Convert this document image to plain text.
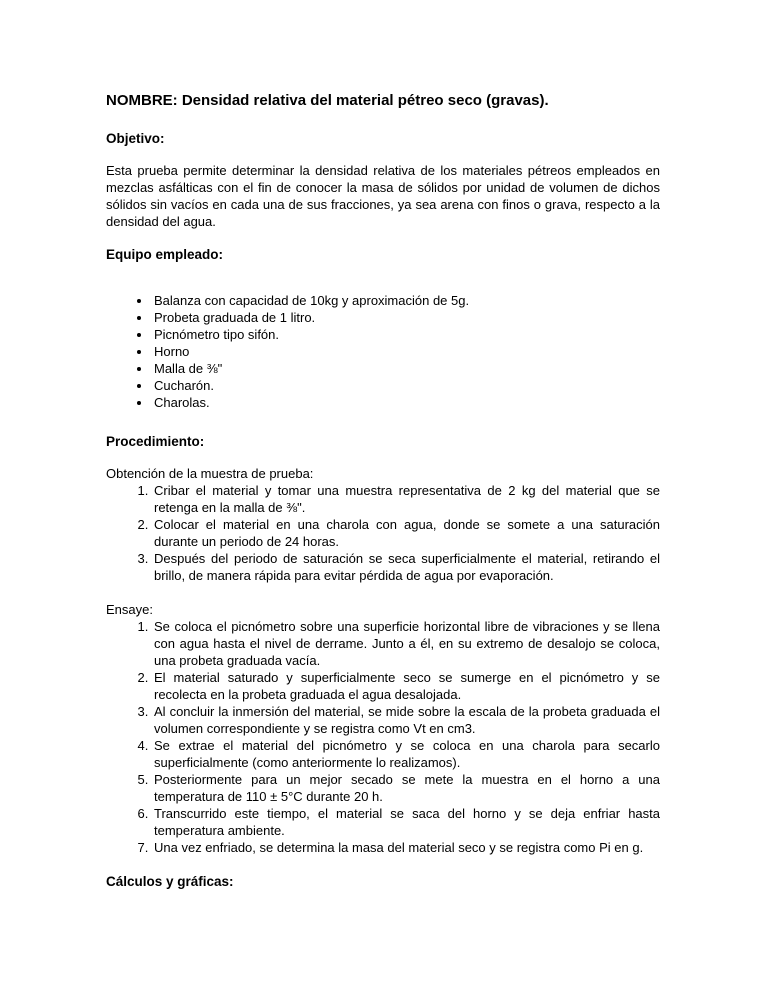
NOMBRE: Densidad relativa del material pétreo seco (gravas).

Objetivo:

Esta prueba permite determinar la densidad relativa de los materiales pétreos empleados en mezclas asfálticas con el fin de conocer la masa de sólidos por unidad de volumen de dichos sólidos sin vacíos en cada una de sus fracciones, ya sea arena con finos o grava, respecto a la densidad del agua.

Equipo empleado:

• Balanza con capacidad de 10kg y aproximación de 5g.
• Probeta graduada de 1 litro.
• Picnómetro tipo sifón.
• Horno
• Malla de ⅜"
• Cucharón.
• Charolas.

Procedimiento:

Obtención de la muestra de prueba:

1. Cribar el material y tomar una muestra representativa de 2 kg del material que se retenga en la malla de ⅜".
2. Colocar el material en una charola con agua, donde se somete a una saturación durante un periodo de 24 horas.
3. Después del periodo de saturación se seca superficialmente el material, retirando el brillo, de manera rápida para evitar pérdida de agua por evaporación.

Ensaye:

1. Se coloca el picnómetro sobre una superficie horizontal libre de vibraciones y se llena con agua hasta el nivel de derrame. Junto a él, en su extremo de desalojo se coloca, una probeta graduada vacía.
2. El material saturado y superficialmente seco se sumerge en el picnómetro y se recolecta en la probeta graduada el agua desalojada.
3. Al concluir la inmersión del material, se mide sobre la escala de la probeta graduada el volumen correspondiente y se registra como Vt en cm3.
4. Se extrae el material del picnómetro y se coloca en una charola para secarlo superficialmente (como anteriormente lo realizamos).
5. Posteriormente para un mejor secado se mete la muestra en el horno a una temperatura de 110 ± 5°C durante 20 h.
6. Transcurrido este tiempo, el material se saca del horno y se deja enfriar hasta temperatura ambiente.
7. Una vez enfriado, se determina la masa del material seco y se registra como Pi en g.

Cálculos y gráficas:
